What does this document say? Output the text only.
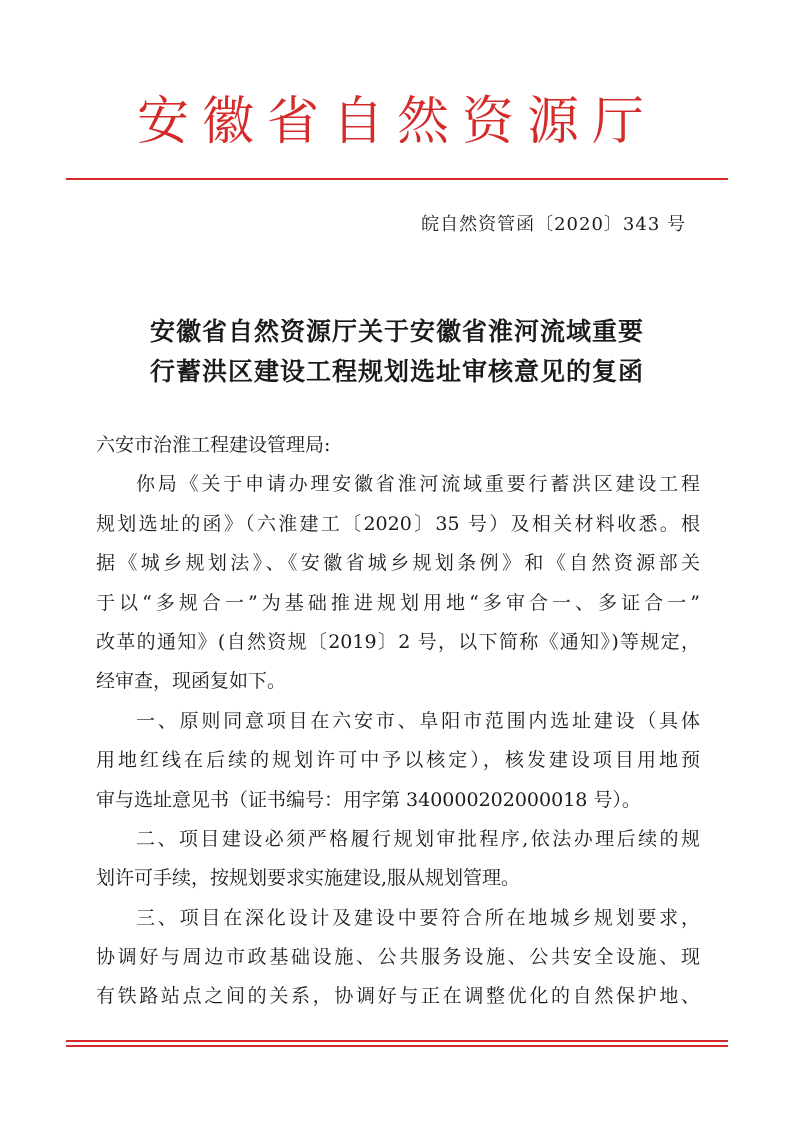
安徽省自然资源厅
皖自然资管函〔2020〕343 号
安徽省自然资源厅关于安徽省淮河流域重要
行蓄洪区建设工程规划选址审核意见的复函
六安市治淮工程建设管理局:
你局《关于申请办理安徽省淮河流域重要行蓄洪区建设工程
规划选址的函》（六淮建工〔2020〕35 号）及相关材料收悉。根
据《城乡规划法》、《安徽省城乡规划条例》和《自然资源部关
于以“多规合一”为基础推进规划用地“多审合一、多证合一”
改革的通知》(自然资规〔2019〕2 号，以下简称《通知》)等规定，
经审查，现函复如下。
一、原则同意项目在六安市、阜阳市范围内选址建设（具体
用地红线在后续的规划许可中予以核定），核发建设项目用地预
审与选址意见书（证书编号：用字第 340000202000018 号）。
二、项目建设必须严格履行规划审批程序,依法办理后续的规
划许可手续，按规划要求实施建设,服从规划管理。
三、项目在深化设计及建设中要符合所在地城乡规划要求，
协调好与周边市政基础设施、公共服务设施、公共安全设施、现
有铁路站点之间的关系，协调好与正在调整优化的自然保护地、
